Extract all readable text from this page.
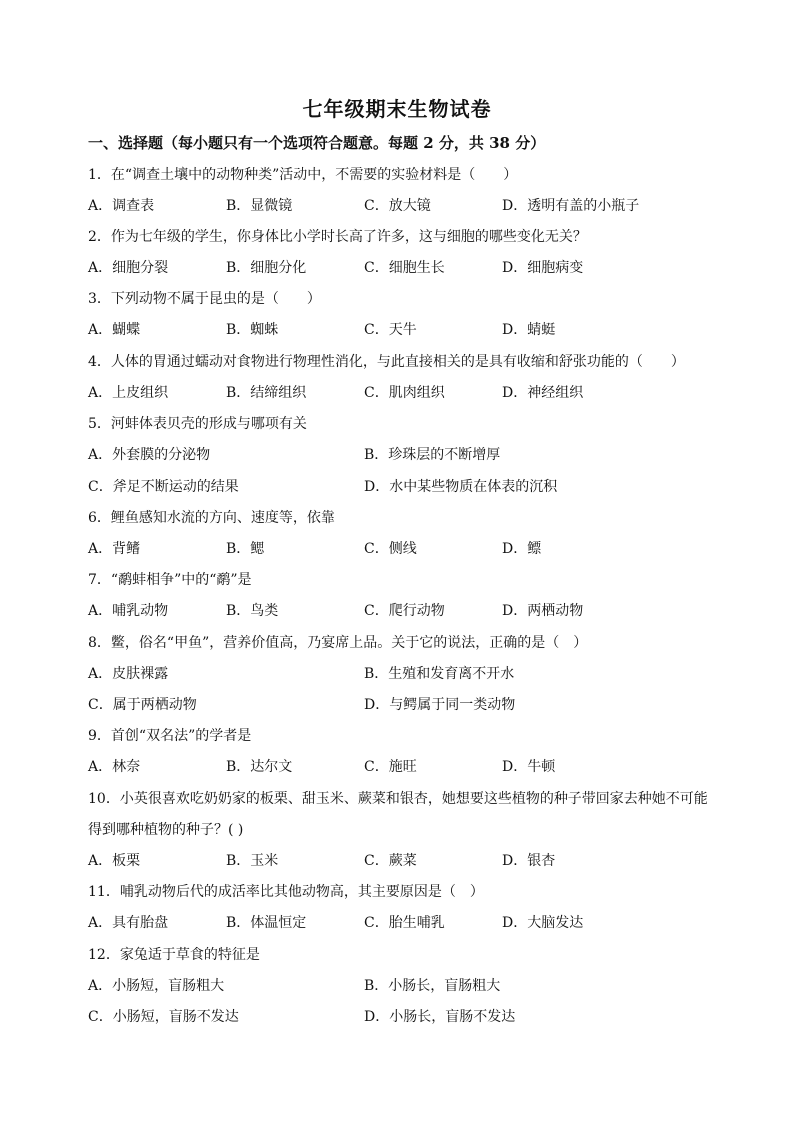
七年级期末生物试卷
一、选择题（每小题只有一个选项符合题意。每题 2 分，共 38 分）
1．在“调查土壤中的动物种类”活动中，不需要的实验材料是（　　）
A．调查表	B．显微镜	C．放大镜	D．透明有盖的小瓶子
2．作为七年级的学生，你身体比小学时长高了许多，这与细胞的哪些变化无关？
A．细胞分裂	B．细胞分化	C．细胞生长	D．细胞病变
3．下列动物不属于昆虫的是（　　）
A．蝴蝶	B．蜘蛛	C．天牛	D．蜻蜓
4．人体的胃通过蠕动对食物进行物理性消化，与此直接相关的是具有收缩和舒张功能的（　　）
A．上皮组织	B．结缔组织	C．肌肉组织	D．神经组织
5．河蚌体表贝壳的形成与哪项有关
A．外套膜的分泌物	B．珍珠层的不断增厚
C．斧足不断运动的结果	D．水中某些物质在体表的沉积
6．鲤鱼感知水流的方向、速度等，依靠
A．背鳍	B．鳃	C．侧线	D．鳔
7．“鹬蚌相争”中的“鹬”是
A．哺乳动物	B．鸟类	C．爬行动物	D．两栖动物
8．鳖，俗名“甲鱼”，营养价值高，乃宴席上品。关于它的说法，正确的是（　）
A．皮肤裸露	B．生殖和发育离不开水
C．属于两栖动物	D．与鳄属于同一类动物
9．首创“双名法”的学者是
A．林奈	B．达尔文	C．施旺	D．牛顿
10．小英很喜欢吃奶奶家的板栗、甜玉米、蕨菜和银杏，她想要这些植物的种子带回家去种她不可能
得到哪种植物的种子？( )
A．板栗	B．玉米	C．蕨菜	D．银杏
11．哺乳动物后代的成活率比其他动物高，其主要原因是（　）
A．具有胎盘	B．体温恒定	C．胎生哺乳	D．大脑发达
12．家兔适于草食的特征是
A．小肠短，盲肠粗大	B．小肠长，盲肠粗大
C．小肠短，盲肠不发达	D．小肠长，盲肠不发达
